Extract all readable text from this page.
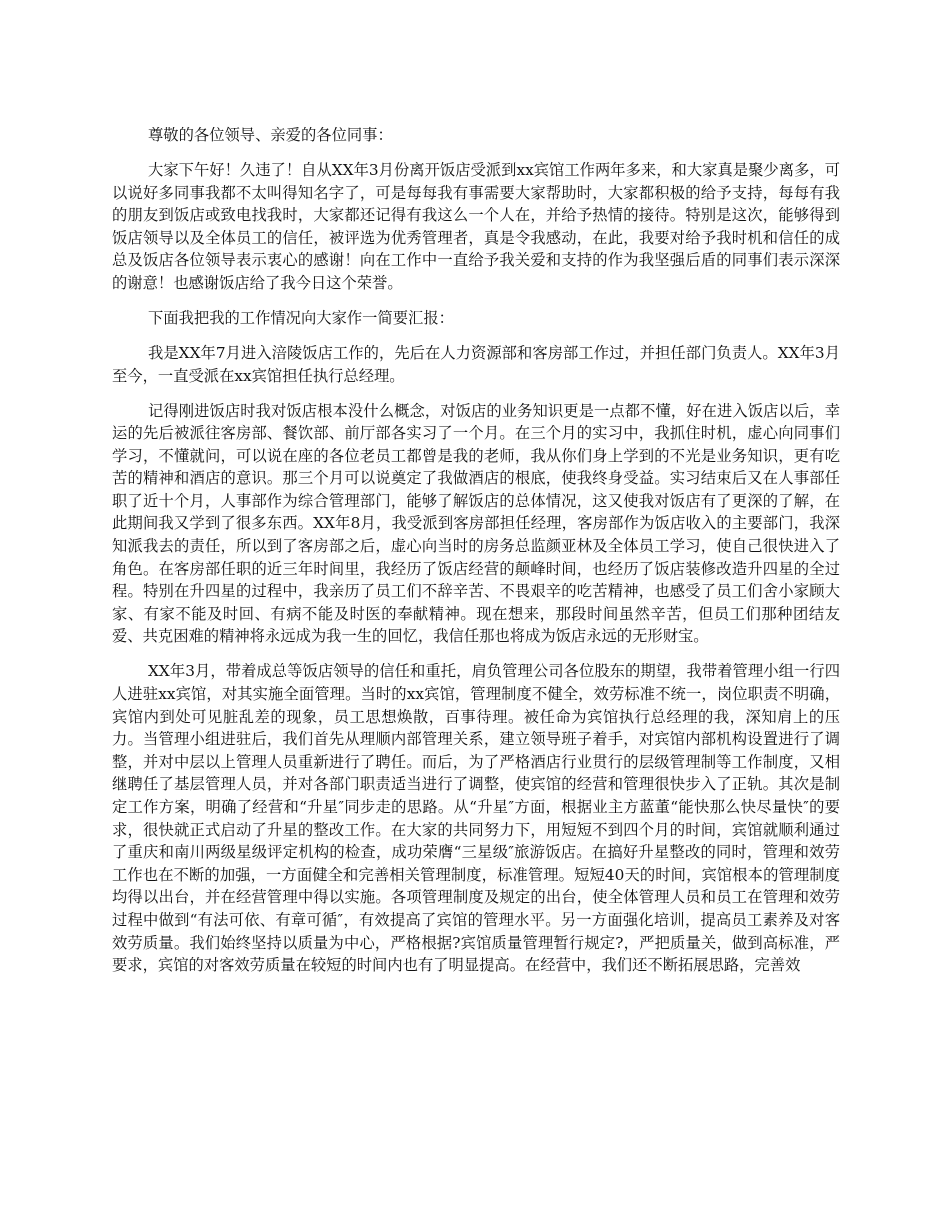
尊敬的各位领导、亲爱的各位同事：

大家下午好！久违了！自从XX年3月份离开饭店受派到xx宾馆工作两年多来，和大家真是聚少离多，可以说好多同事我都不太叫得知名字了，可是每每我有事需要大家帮助时，大家都积极的给予支持，每每有我的朋友到饭店或致电找我时，大家都还记得有我这么一个人在，并给予热情的接待。特别是这次，能够得到饭店领导以及全体员工的信任，被评选为优秀管理者，真是令我感动，在此，我要对给予我时机和信任的成总及饭店各位领导表示衷心的感谢！向在工作中一直给予我关爱和支持的作为我坚强后盾的同事们表示深深的谢意！也感谢饭店给了我今日这个荣誉。

下面我把我的工作情况向大家作一简要汇报：

我是XX年7月进入涪陵饭店工作的，先后在人力资源部和客房部工作过，并担任部门负责人。XX年3月至今，一直受派在xx宾馆担任执行总经理。

记得刚进饭店时我对饭店根本没什么概念，对饭店的业务知识更是一点都不懂，好在进入饭店以后，幸运的先后被派往客房部、餐饮部、前厅部各实习了一个月。在三个月的实习中，我抓住时机，虚心向同事们学习，不懂就问，可以说在座的各位老员工都曾是我的老师，我从你们身上学到的不光是业务知识，更有吃苦的精神和酒店的意识。那三个月可以说奠定了我做酒店的根底，使我终身受益。实习结束后又在人事部任职了近十个月，人事部作为综合管理部门，能够了解饭店的总体情况，这又使我对饭店有了更深的了解，在此期间我又学到了很多东西。XX年8月，我受派到客房部担任经理，客房部作为饭店收入的主要部门，我深知派我去的责任，所以到了客房部之后，虚心向当时的房务总监颜亚林及全体员工学习，使自己很快进入了角色。在客房部任职的近三年时间里，我经历了饭店经营的颠峰时间，也经历了饭店装修改造升四星的全过程。特别在升四星的过程中，我亲历了员工们不辞辛苦、不畏艰辛的吃苦精神，也感受了员工们舍小家顾大家、有家不能及时回、有病不能及时医的奉献精神。现在想来，那段时间虽然辛苦，但员工们那种团结友爱、共克困难的精神将永远成为我一生的回忆，我信任那也将成为饭店永远的无形财宝。

XX年3月，带着成总等饭店领导的信任和重托，肩负管理公司各位股东的期望，我带着管理小组一行四人进驻xx宾馆，对其实施全面管理。当时的xx宾馆，管理制度不健全，效劳标准不统一，岗位职责不明确，宾馆内到处可见脏乱差的现象，员工思想焕散，百事待理。被任命为宾馆执行总经理的我，深知肩上的压力。当管理小组进驻后，我们首先从理顺内部管理关系，建立领导班子着手，对宾馆内部机构设置进行了调整，并对中层以上管理人员重新进行了聘任。而后，为了严格酒店行业贯行的层级管理制等工作制度，又相继聘任了基层管理人员，并对各部门职责适当进行了调整，使宾馆的经营和管理很快步入了正轨。其次是制定工作方案，明确了经营和“升星″同步走的思路。从“升星″方面，根据业主方蓝董“能快那么快尽量快″的要求，很快就正式启动了升星的整改工作。在大家的共同努力下，用短短不到四个月的时间，宾馆就顺利通过了重庆和南川两级星级评定机构的检查，成功荣膺“三星级″旅游饭店。在搞好升星整改的同时，管理和效劳工作也在不断的加强，一方面健全和完善相关管理制度，标准管理。短短40天的时间，宾馆根本的管理制度均得以出台，并在经营管理中得以实施。各项管理制度及规定的出台，使全体管理人员和员工在管理和效劳过程中做到“有法可依、有章可循″，有效提高了宾馆的管理水平。另一方面强化培训，提高员工素养及对客效劳质量。我们始终坚持以质量为中心，严格根据?宾馆质量管理暂行规定?，严把质量关，做到高标准，严要求，宾馆的对客效劳质量在较短的时间内也有了明显提高。在经营中，我们还不断拓展思路，完善效
